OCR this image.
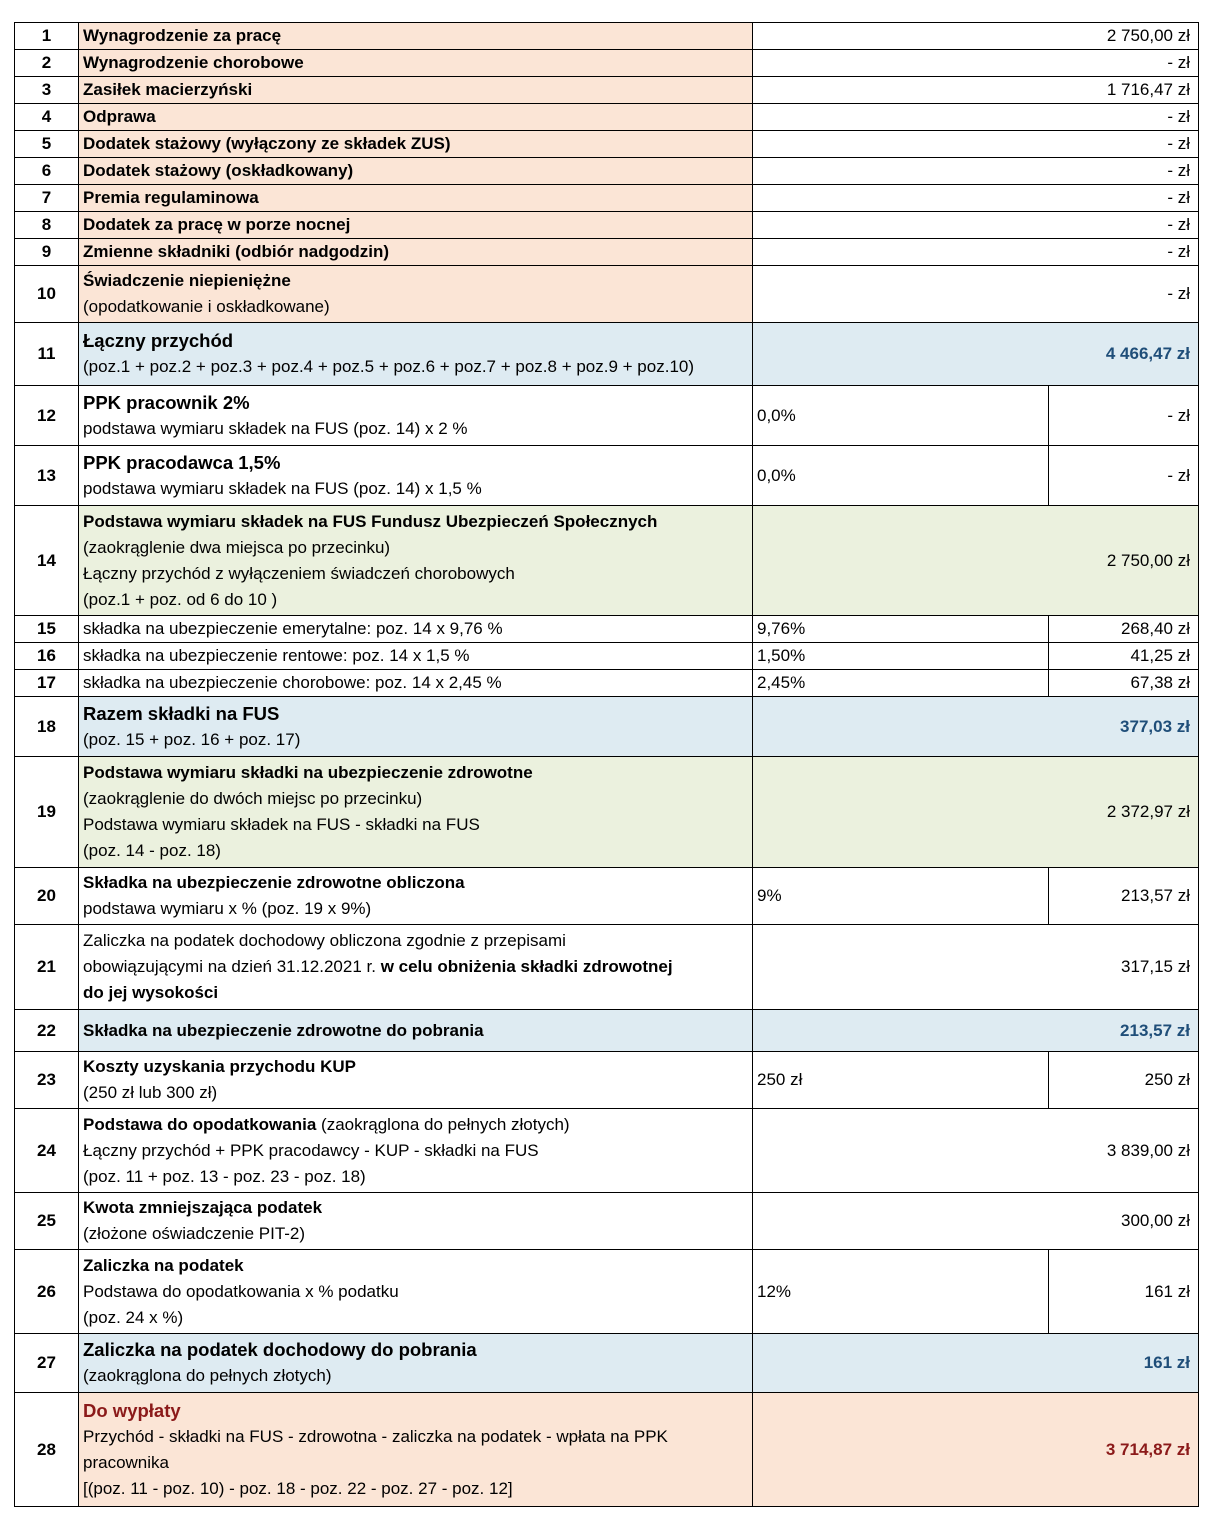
1	Wynagrodzenie za pracę	2 750,00 zł	
2	Wynagrodzenie chorobowe	- zł	
3	Zasiłek macierzyński	1 716,47 zł	
4	Odprawa	- zł	
5	Dodatek stażowy (wyłączony ze składek ZUS)	- zł	
6	Dodatek stażowy (oskładkowany)	- zł	
7	Premia regulaminowa	- zł	
8	Dodatek za pracę w porze nocnej	- zł	
9	Zmienne składniki (odbiór nadgodzin)	- zł	
10	Świadczenie niepieniężne
(opodatkowanie i oskładkowane)	- zł	
11	Łączny przychód
(poz.1 + poz.2 + poz.3 + poz.4 + poz.5 + poz.6 + poz.7 + poz.8 + poz.9 + poz.10)	4 466,47 zł	
12	PPK pracownik 2%
podstawa wymiaru składek na FUS (poz. 14) x 2 %	0,0%	- zł
13	PPK pracodawca 1,5%
podstawa wymiaru składek na FUS (poz. 14) x 1,5 %	0,0%	- zł
14	Podstawa wymiaru składek na FUS Fundusz Ubezpieczeń Społecznych
(zaokrąglenie dwa miejsca po przecinku)
Łączny przychód z wyłączeniem świadczeń chorobowych
(poz.1 + poz. od 6 do 10 )	2 750,00 zł	
15	składka na ubezpieczenie emerytalne: poz. 14 x 9,76 %	9,76%	268,40 zł
16	składka na ubezpieczenie rentowe: poz. 14 x 1,5 %	1,50%	41,25 zł
17	składka na ubezpieczenie chorobowe: poz. 14 x 2,45 %	2,45%	67,38 zł
18	Razem składki na FUS
(poz. 15 + poz. 16 + poz. 17)	377,03 zł	
19	Podstawa wymiaru składki na ubezpieczenie zdrowotne
(zaokrąglenie do dwóch miejsc po przecinku)
Podstawa wymiaru składek na FUS - składki na FUS
(poz. 14 - poz. 18)	2 372,97 zł	
20	Składka na ubezpieczenie zdrowotne obliczona
podstawa wymiaru x % (poz. 19 x 9%)	9%	213,57 zł
21	Zaliczka na podatek dochodowy obliczona zgodnie z przepisami
obowiązującymi na dzień 31.12.2021 r. w celu obniżenia składki zdrowotnej
do jej wysokości	317,15 zł	
22	Składka na ubezpieczenie zdrowotne do pobrania	213,57 zł	
23	Koszty uzyskania przychodu KUP
(250 zł lub 300 zł)	250 zł	250 zł
24	Podstawa do opodatkowania (zaokrąglona do pełnych złotych)
Łączny przychód + PPK pracodawcy - KUP - składki na FUS
(poz. 11 + poz. 13 - poz. 23 - poz. 18)	3 839,00 zł	
25	Kwota zmniejszająca podatek
(złożone oświadczenie PIT-2)	300,00 zł	
26	Zaliczka na podatek
Podstawa do opodatkowania x % podatku
(poz. 24 x %)	12%	161 zł
27	Zaliczka na podatek dochodowy do pobrania
(zaokrąglona do pełnych złotych)	161 zł	
28	Do wypłaty
Przychód - składki na FUS - zdrowotna - zaliczka na podatek - wpłata na PPK
pracownika
[(poz. 11 - poz. 10) - poz. 18 - poz. 22 - poz. 27 - poz. 12]	3 714,87 zł	
